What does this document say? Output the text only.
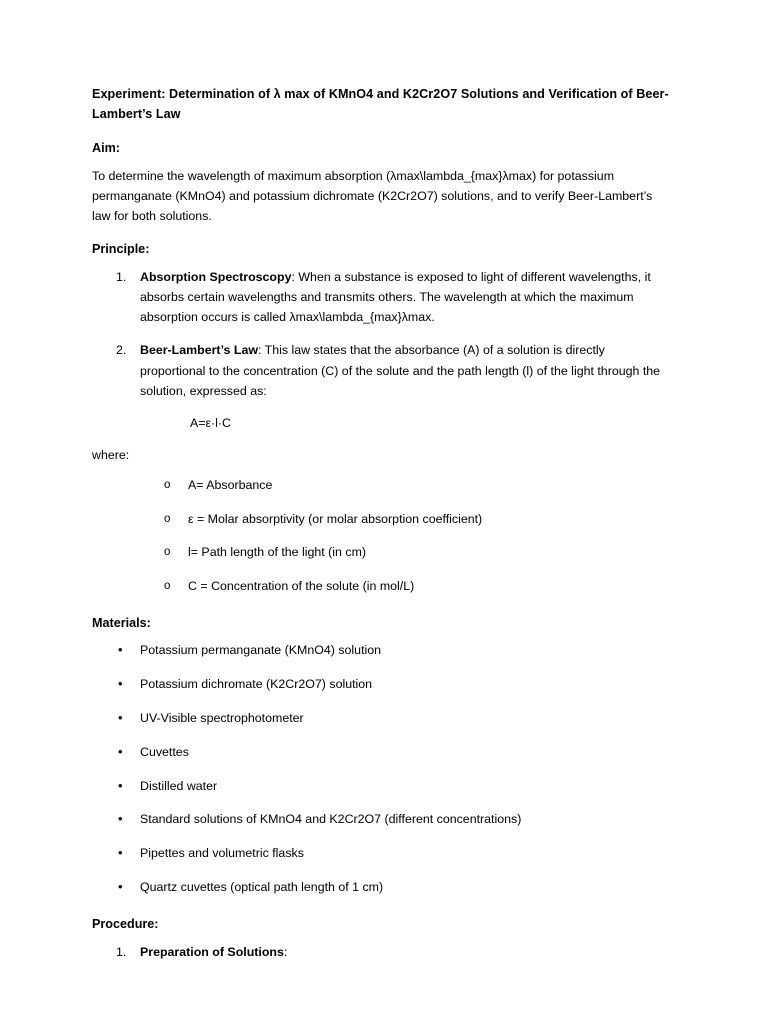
Experiment: Determination of λ max of KMnO4 and K2Cr2O7 Solutions and Verification of Beer-Lambert’s Law
Aim:

To determine the wavelength of maximum absorption (λmax\lambda_{max}λmax) for potassium permanganate (KMnO4) and potassium dichromate (K2Cr2O7) solutions, and to verify Beer-Lambert’s law for both solutions.

Principle:
Absorption Spectroscopy: When a substance is exposed to light of different wavelengths, it absorbs certain wavelengths and transmits others. The wavelength at which the maximum absorption occurs is called λmax\lambda_{max}λmax.
Beer-Lambert’s Law: This law states that the absorbance (A) of a solution is directly proportional to the concentration (C) of the solute and the path length (l) of the light through the solution, expressed as:
A=ε·l·C
where:
o A= Absorbance
o ε = Molar absorptivity (or molar absorption coefficient)
o l= Path length of the light (in cm)
o C = Concentration of the solute (in mol/L)
Materials:
• Potassium permanganate (KMnO4) solution
• Potassium dichromate (K2Cr2O7) solution
• UV-Visible spectrophotometer
• Cuvettes
• Distilled water
• Standard solutions of KMnO4 and K2Cr2O7 (different concentrations)
• Pipettes and volumetric flasks
• Quartz cuvettes (optical path length of 1 cm)
Procedure:
Preparation of Solutions:
